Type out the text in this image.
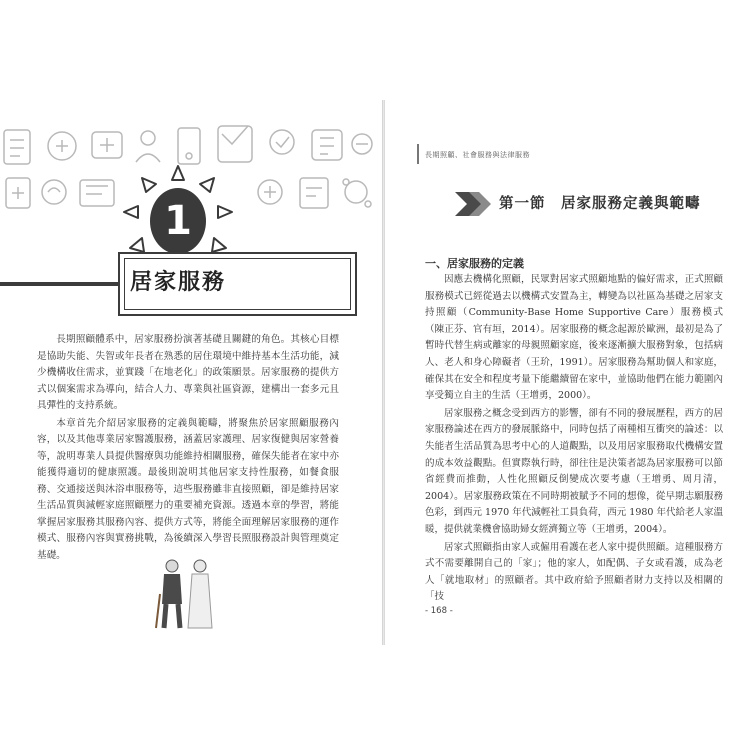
1
居家服務

長期照顧體系中，居家服務扮演著基礎且關鍵的角色。其核心目標是協助失能、失智或年長者在熟悉的居住環境中維持基本生活功能，減少機構收住需求，並實踐「在地老化」的政策願景。居家服務的提供方式以個案需求為導向，結合人力、專業與社區資源，建構出一套多元且具彈性的支持系統。

本章首先介紹居家服務的定義與範疇，將聚焦於居家照顧服務內容，以及其他專業居家醫護服務，涵蓋居家護理、居家復健與居家營養等，說明專業人員提供醫療與功能維持相關服務，確保失能者在家中亦能獲得適切的健康照護。最後則說明其他居家支持性服務，如餐食服務、交通接送與沐浴車服務等，這些服務雖非直接照顧，卻是維持居家生活品質與減輕家庭照顧壓力的重要補充資源。透過本章的學習，將能掌握居家服務其服務內容、提供方式等，將能全面理解居家服務的運作模式、服務內容與實務挑戰，為後續深入學習長照服務設計與管理奠定基礎。

長期照顧、社會服務與法律服務
第一節　居家服務定義與範疇
一、居家服務的定義

因應去機構化照顧，民眾對居家式照顧地點的偏好需求，正式照顧服務模式已經從過去以機構式安置為主，轉變為以社區為基礎之居家支持照顧（Community-Base Home Supportive Care）服務模式（陳正芬、官有垣，2014）。居家服務的概念起源於歐洲，最初是為了暫時代替生病或離家的母親照顧家庭，後來逐漸擴大服務對象，包括病人、老人和身心障礙者（王玠，1991）。居家服務為幫助個人和家庭，確保其在安全和程度考量下能繼續留在家中，並協助他們在能力範圍內享受獨立自主的生活（王增勇，2000）。

居家服務之概念受到西方的影響，卻有不同的發展歷程，西方的居家服務論述在西方的發展脈絡中，同時包括了兩種相互衝突的論述：以失能者生活品質為思考中心的人道觀點，以及用居家服務取代機構安置的成本效益觀點。但實際執行時，卻往往是決策者認為居家服務可以節省經費而推動，人性化照顧反倒變成次要考慮（王增勇、周月清，2004）。居家服務政策在不同時期被賦予不同的想像，從早期志願服務色彩，到西元 1970 年代減輕社工員負荷，西元 1980 年代給老人家溫暖，提供就業機會協助婦女經濟獨立等（王增勇，2004）。

居家式照顧指由家人或僱用看護在老人家中提供照顧。這種服務方式不需要離開自己的「家」；他的家人，如配偶、子女或看護，成為老人「就地取材」的照顧者。其中政府給予照顧者財力支持以及相關的「技

- 168 -
